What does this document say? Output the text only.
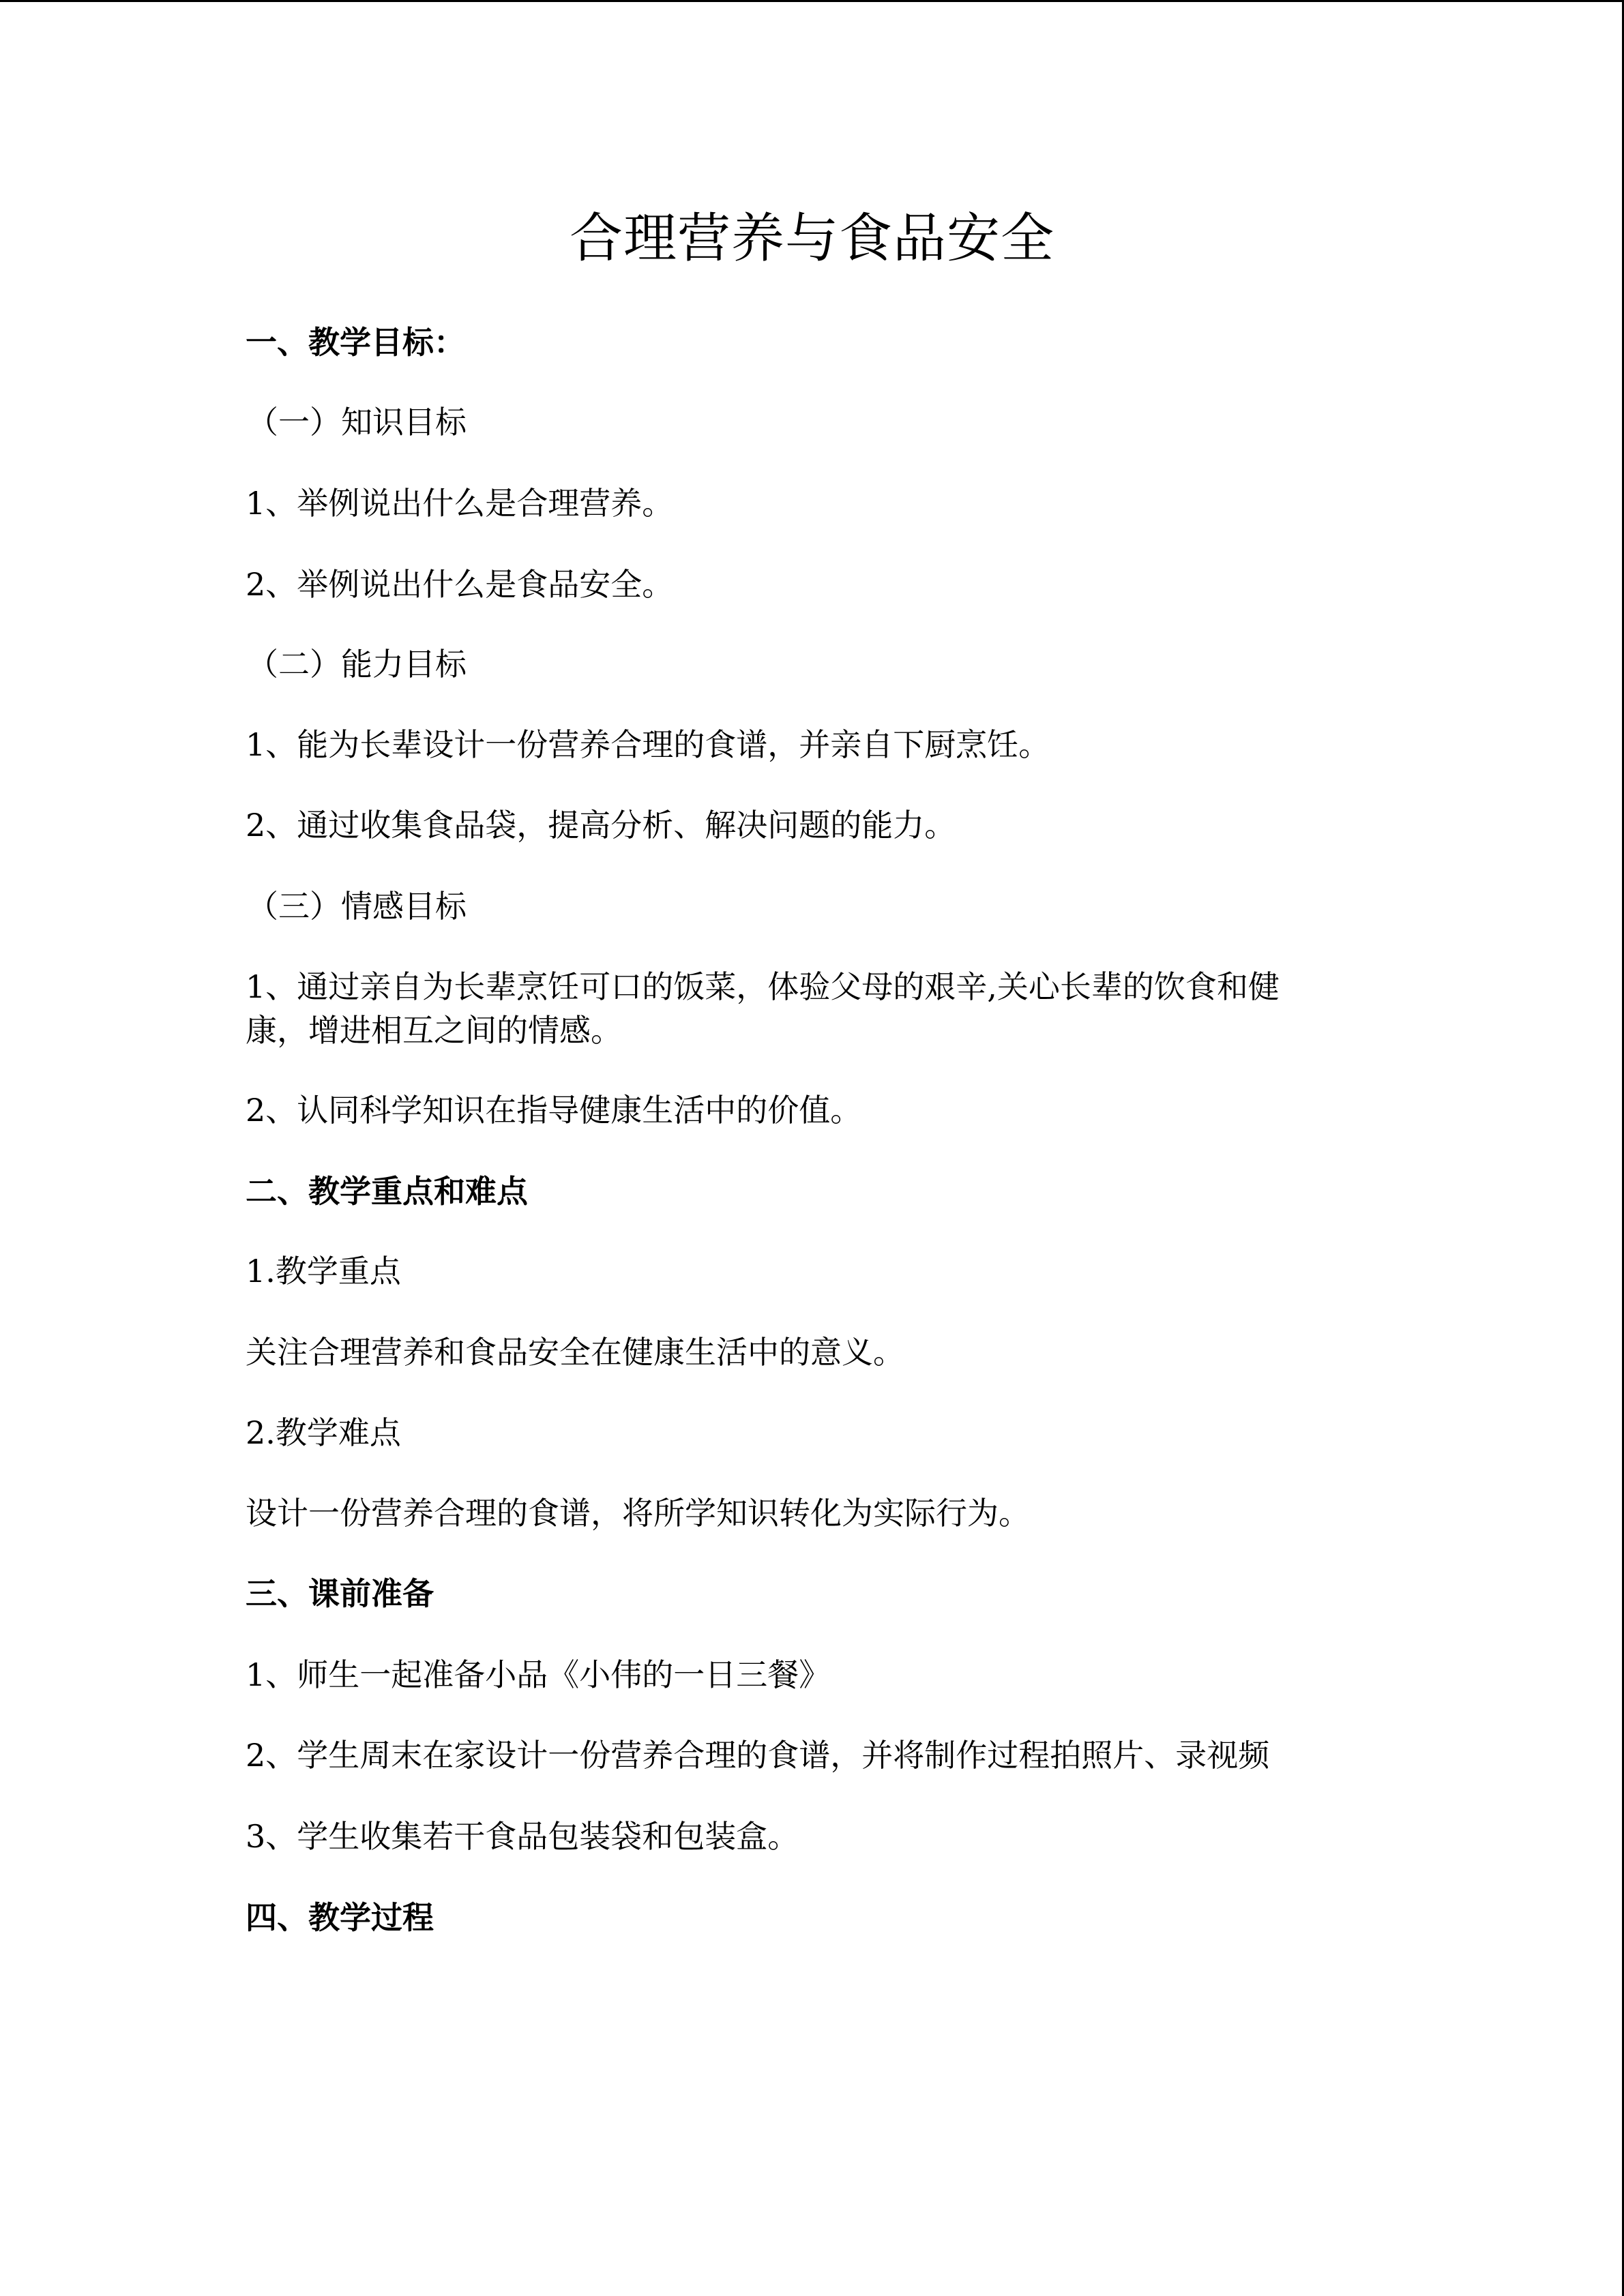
合理营养与食品安全
一、教学目标：
（一）知识目标
1、举例说出什么是合理营养。
2、举例说出什么是食品安全。
（二）能力目标
1、能为长辈设计一份营养合理的食谱，并亲自下厨烹饪。
2、通过收集食品袋，提高分析、解决问题的能力。
（三）情感目标
1、通过亲自为长辈烹饪可口的饭菜，体验父母的艰辛,关心长辈的饮食和健康，增进相互之间的情感。
2、认同科学知识在指导健康生活中的价值。
二、教学重点和难点
1.教学重点
关注合理营养和食品安全在健康生活中的意义。
2.教学难点
设计一份营养合理的食谱，将所学知识转化为实际行为。
三、课前准备
1、师生一起准备小品《小伟的一日三餐》
2、学生周末在家设计一份营养合理的食谱，并将制作过程拍照片、录视频
3、学生收集若干食品包装袋和包装盒。
四、教学过程
